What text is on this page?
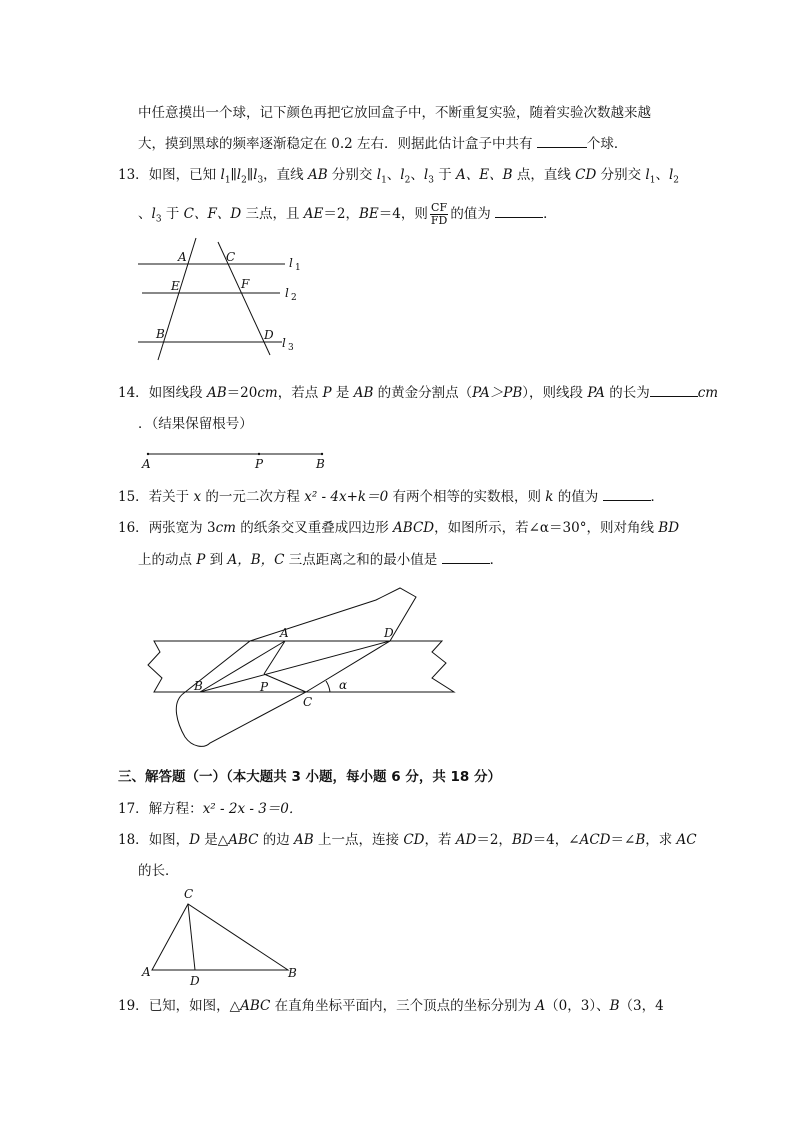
中任意摸出一个球，记下颜色再把它放回盒子中，不断重复实验，随着实验次数越来越
大，摸到黑球的频率逐渐稳定在 0.2 左右．则据此估计盒子中共有	个球．
13．如图，已知 $l_1\parallel l_2\parallel l_3$，直线 AB 分别交 $l_1$、$l_2$、$l_3$ 于 A、E、B 点，直线 CD 分别交 $l_1$、$l_2$
、$l_3$ 于 C、F、D 三点，且 AE＝2，BE＝4，则 $\frac{CF}{FD}$ 的值为	．
A	C
E	F
B	D
l 1
l 2
l 3
14．如图线段 AB＝20cm，若点 P 是 AB 的黄金分割点（PA＞PB），则线段 PA 的长为	cm
．（结果保留根号）
A	P	B
15．若关于 x 的一元二次方程 x² - 4x+k＝0 有两个相等的实数根，则 k 的值为	．
16．两张宽为 3cm 的纸条交叉重叠成四边形 ABCD，如图所示，若∠α＝30°，则对角线 BD
上的动点 P 到 A，B，C 三点距离之和的最小值是	．
A	D
B	P
C
α
三、解答题（一）（本大题共 3 小题，每小题 6 分，共 18 分）
17．解方程：x² - 2x - 3＝0．
18．如图，D 是△ABC 的边 AB 上一点，连接 CD，若 AD＝2，BD＝4，∠ACD＝∠B，求 AC
的长．
C
A
D
B
19．已知，如图，△ABC 在直角坐标平面内，三个顶点的坐标分别为 A（0，3）、B（3，4
